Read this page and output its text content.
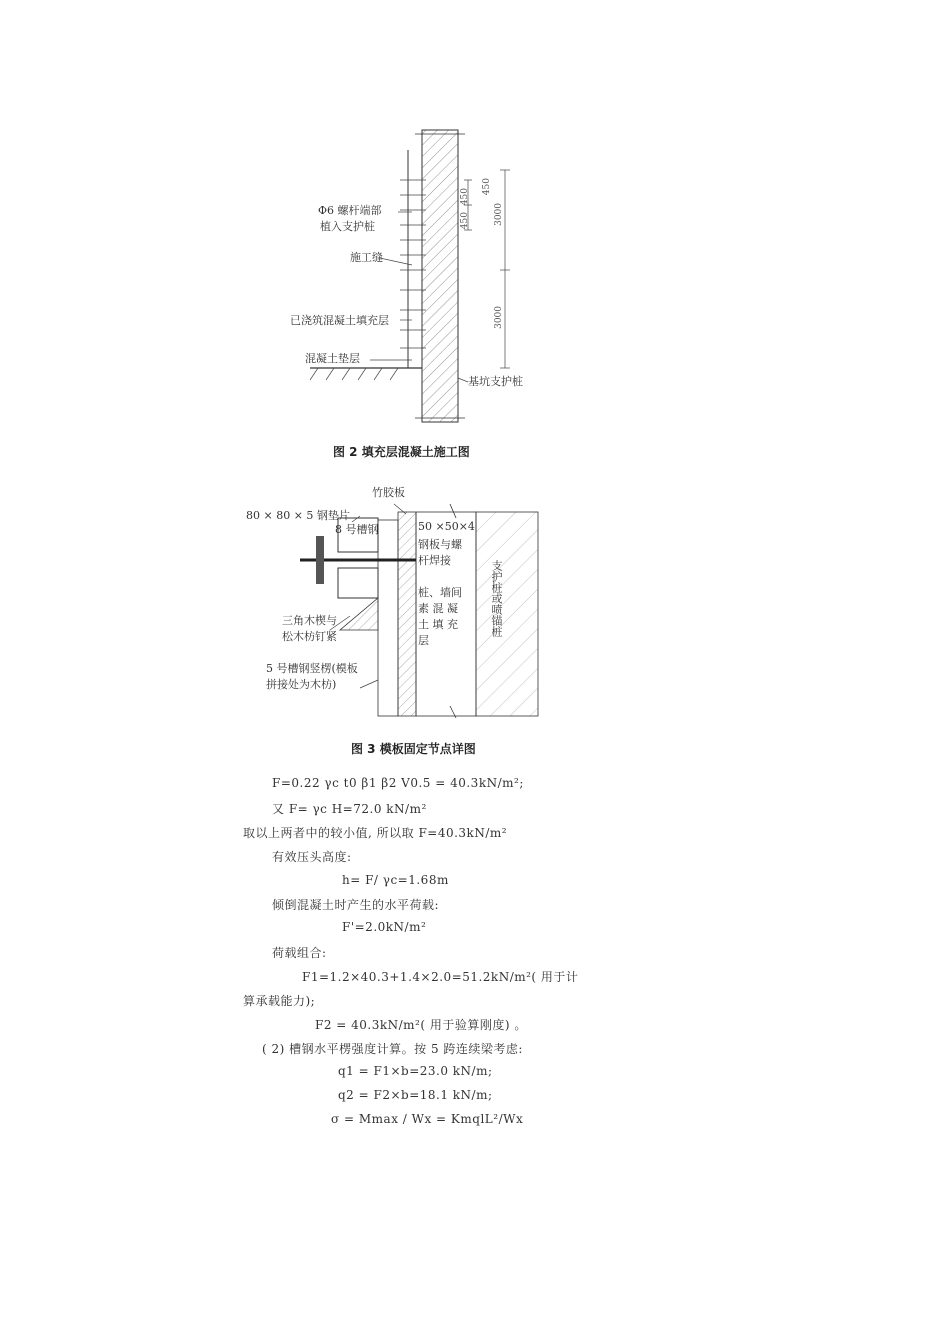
Φ6 螺杆端部
植入支护桩
施工缝
已浇筑混凝土填充层
混凝土垫层
基坑支护桩
450
450
450	3000
3000
图 2 填充层混凝土施工图
竹胶板
80 × 80 × 5 钢垫片
8 号槽钢	50 ×50×4
钢板与螺
杆焊接
桩、墙间
素 混 凝
土 填 充
层
三角木楔与
松木枋钉紧
5 号槽钢竖楞(模板
拼接处为木枋)
支护桩或喷锚桩
图 3 模板固定节点详图
F=0.22 γc t0 β1 β2 V0.5 = 40.3kN/m²;
又 F= γc H=72.0 kN/m²
取以上两者中的较小值, 所以取 F=40.3kN/m²
有效压头高度:
h= F/ γc=1.68m
倾倒混凝土时产生的水平荷载:
F'=2.0kN/m²
荷载组合:
F1=1.2×40.3+1.4×2.0=51.2kN/m²( 用于计
算承载能力);
F2 = 40.3kN/m²( 用于验算刚度) 。
( 2) 槽钢水平楞强度计算。按 5 跨连续梁考虑:
q1 = F1×b=23.0 kN/m;
q2 = F2×b=18.1 kN/m;
σ = Mmax / Wx = KmqlL²/Wx
